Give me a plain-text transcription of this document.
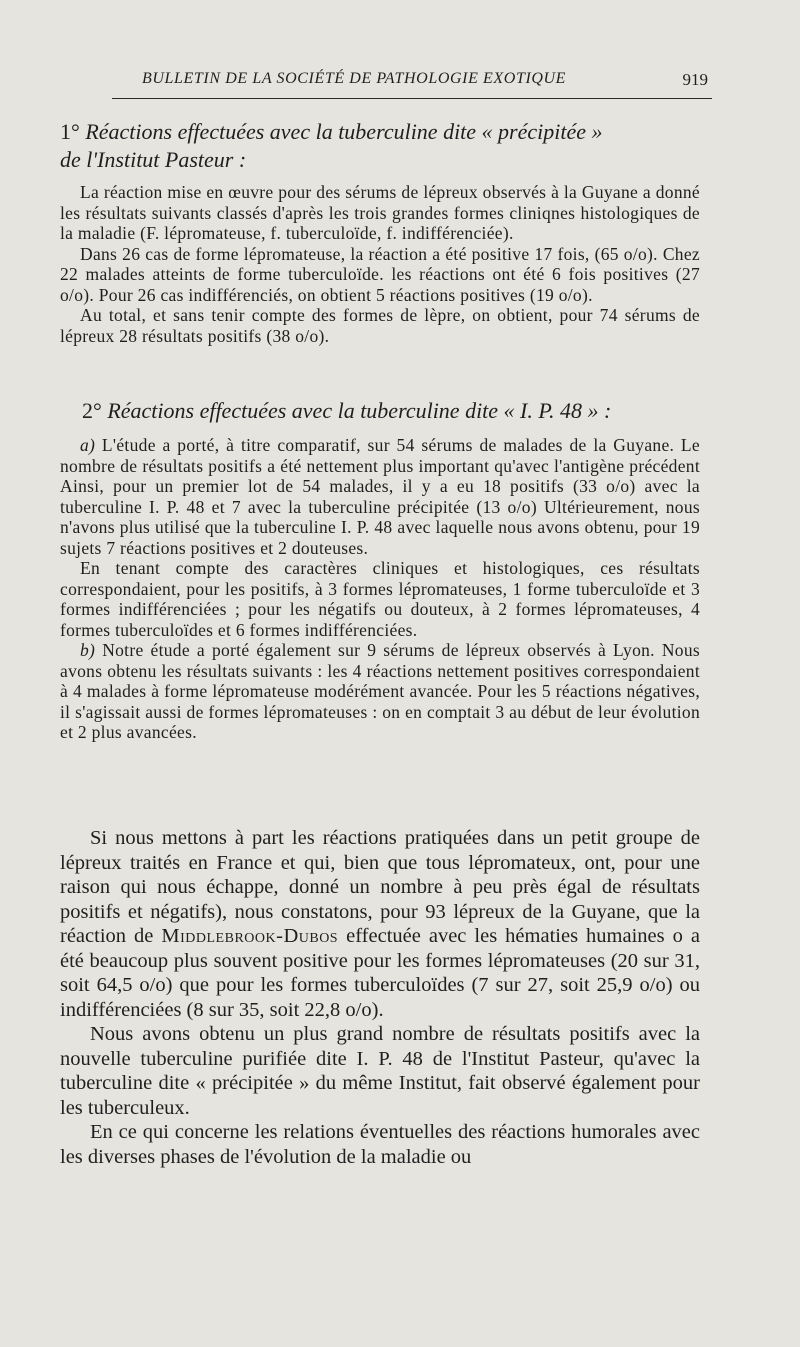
BULLETIN DE LA SOCIÉTÉ DE PATHOLOGIE EXOTIQUE	919
1° Réactions effectuées avec la tuberculine dite « précipitée »
de l'Institut Pasteur :

La réaction mise en œuvre pour des sérums de lépreux observés à la Guyane a donné les résultats suivants classés d'après les trois grandes formes cliniqnes histologiques de la maladie (F. lépromateuse, f. tuberculoïde, f. indifférenciée).

Dans 26 cas de forme lépromateuse, la réaction a été positive 17 fois, (65 o/o). Chez 22 malades atteints de forme tuberculoïde. les réactions ont été 6 fois positives (27 o/o). Pour 26 cas indifférenciés, on obtient 5 réactions positives (19 o/o).

Au total, et sans tenir compte des formes de lèpre, on obtient, pour 74 sérums de lépreux 28 résultats positifs (38 o/o).

2° Réactions effectuées avec la tuberculine dite « I. P. 48 » :

a) L'étude a porté, à titre comparatif, sur 54 sérums de malades de la Guyane. Le nombre de résultats positifs a été nettement plus important qu'avec l'antigène précédent Ainsi, pour un premier lot de 54 malades, il y a eu 18 positifs (33 o/o) avec la tuberculine I. P. 48 et 7 avec la tuberculine précipitée (13 o/o) Ultérieurement, nous n'avons plus utilisé que la tuberculine I. P. 48 avec laquelle nous avons obtenu, pour 19 sujets 7 réactions positives et 2 douteuses.

En tenant compte des caractères cliniques et histologiques, ces résultats correspondaient, pour les positifs, à 3 formes lépromateuses, 1 forme tuberculoïde et 3 formes indifférenciées ; pour les négatifs ou douteux, à 2 formes lépromateuses, 4 formes tuberculoïdes et 6 formes indifférenciées.

b) Notre étude a porté également sur 9 sérums de lépreux observés à Lyon. Nous avons obtenu les résultats suivants : les 4 réactions nettement positives correspondaient à 4 malades à forme lépromateuse modérément avancée. Pour les 5 réactions négatives, il s'agissait aussi de formes lépromateuses : on en comptait 3 au début de leur évolution et 2 plus avancées.

Si nous mettons à part les réactions pratiquées dans un petit groupe de lépreux traités en France et qui, bien que tous lépromateux, ont, pour une raison qui nous échappe, donné un nombre à peu près égal de résultats positifs et négatifs), nous constatons, pour 93 lépreux de la Guyane, que la réaction de Middlebrook-Dubos effectuée avec les hématies humaines o a été beaucoup plus souvent positive pour les formes lépromateuses (20 sur 31, soit 64,5 o/o) que pour les formes tuberculoïdes (7 sur 27, soit 25,9 o/o) ou indifférenciées (8 sur 35, soit 22,8 o/o).

Nous avons obtenu un plus grand nombre de résultats positifs avec la nouvelle tuberculine purifiée dite I. P. 48 de l'Institut Pasteur, qu'avec la tuberculine dite « précipitée » du même Institut, fait observé également pour les tuberculeux.

En ce qui concerne les relations éventuelles des réactions humorales avec les diverses phases de l'évolution de la maladie ou
